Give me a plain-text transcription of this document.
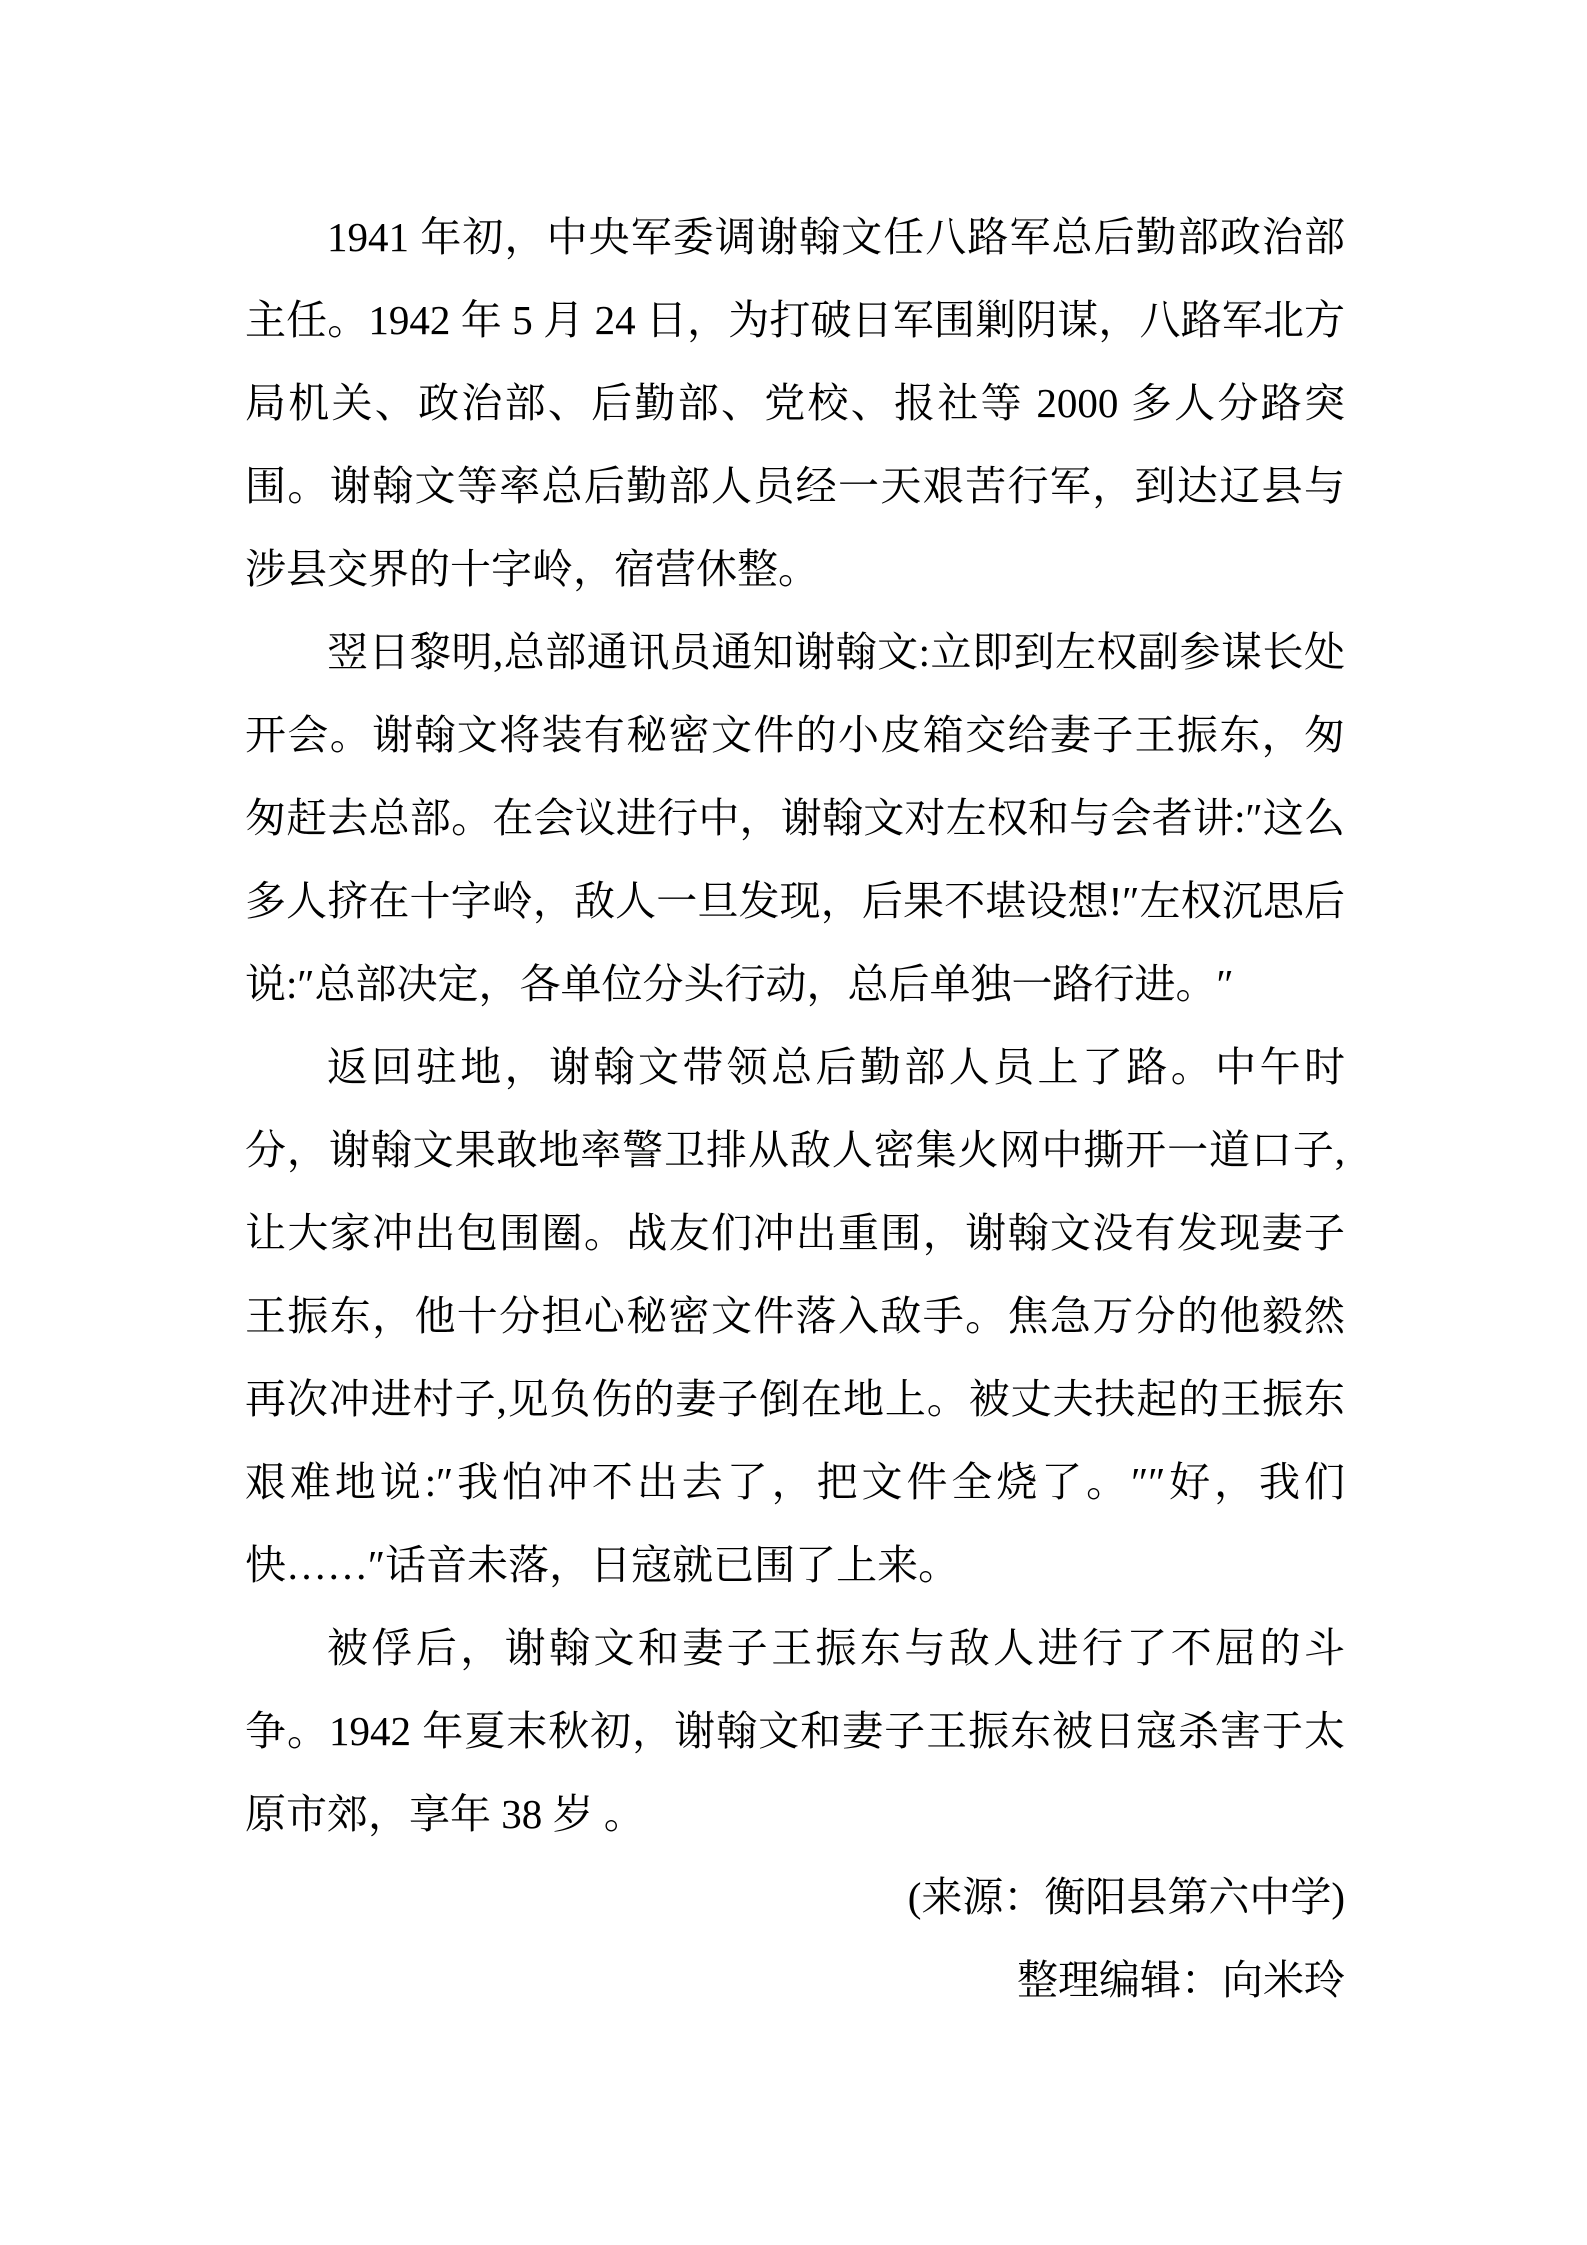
1941 年初，中央军委调谢翰文任八路军总后勤部政治部主任。1942 年 5 月 24 日，为打破日军围剿阴谋，八路军北方局机关、政治部、后勤部、党校、报社等 2000 多人分路突围。谢翰文等率总后勤部人员经一天艰苦行军，到达辽县与涉县交界的十字岭，宿营休整。

翌日黎明,总部通讯员通知谢翰文:立即到左权副参谋长处开会。谢翰文将装有秘密文件的小皮箱交给妻子王振东，匆匆赶去总部。在会议进行中，谢翰文对左权和与会者讲:″这么多人挤在十字岭，敌人一旦发现，后果不堪设想!″左权沉思后说:″总部决定，各单位分头行动，总后单独一路行进。″

返回驻地，谢翰文带领总后勤部人员上了路。中午时分，谢翰文果敢地率警卫排从敌人密集火网中撕开一道口子,让大家冲出包围圈。战友们冲出重围，谢翰文没有发现妻子王振东，他十分担心秘密文件落入敌手。焦急万分的他毅然再次冲进村子,见负伤的妻子倒在地上。被丈夫扶起的王振东艰难地说:″我怕冲不出去了，把文件全烧了。″″好，我们快……″话音未落，日寇就已围了上来。

被俘后，谢翰文和妻子王振东与敌人进行了不屈的斗争。1942 年夏末秋初，谢翰文和妻子王振东被日寇杀害于太原市郊，享年 38 岁 。

(来源：衡阳县第六中学)

整理编辑：向米玲
